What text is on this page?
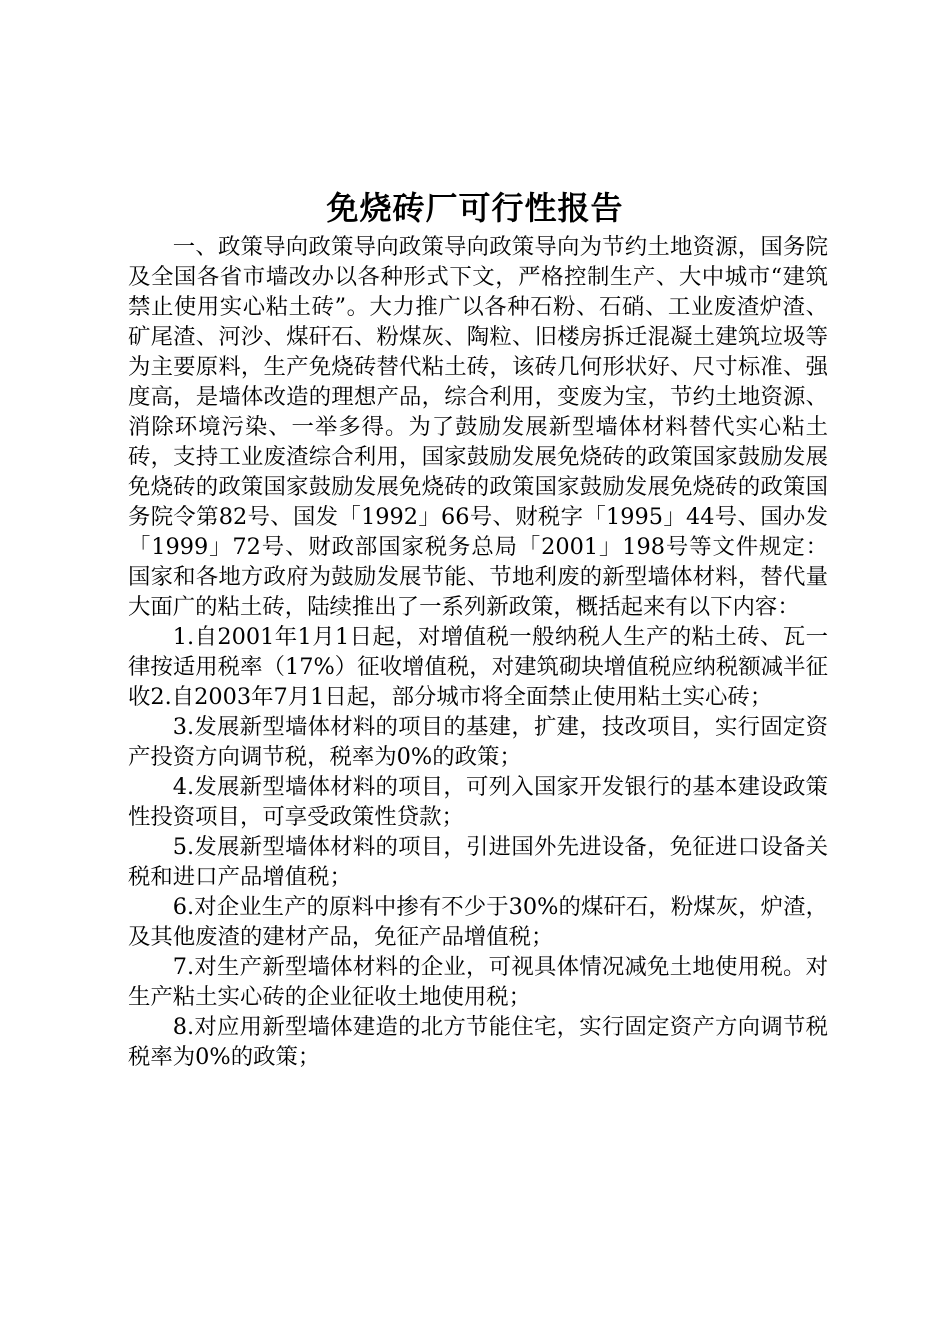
免烧砖厂可行性报告

一、政策导向政策导向政策导向政策导向为节约土地资源，国务院及全国各省市墙改办以各种形式下文，严格控制生产、大中城市“建筑禁止使用实心粘土砖”。大力推广以各种石粉、石硝、工业废渣炉渣、矿尾渣、河沙、煤矸石、粉煤灰、陶粒、旧楼房拆迁混凝土建筑垃圾等为主要原料，生产免烧砖替代粘土砖，该砖几何形状好、尺寸标准、强度高，是墙体改造的理想产品，综合利用，变废为宝，节约土地资源、消除环境污染、一举多得。为了鼓励发展新型墙体材料替代实心粘土砖，支持工业废渣综合利用，国家鼓励发展免烧砖的政策国家鼓励发展免烧砖的政策国家鼓励发展免烧砖的政策国家鼓励发展免烧砖的政策国务院令第82号、国发「1992」66号、财税字「1995」44号、国办发「1999」72号、财政部国家税务总局「2001」198号等文件规定：国家和各地方政府为鼓励发展节能、节地利废的新型墙体材料，替代量大面广的粘土砖，陆续推出了一系列新政策，概括起来有以下内容：

1.自2001年1月1日起，对增值税一般纳税人生产的粘土砖、瓦一律按适用税率（17%）征收增值税，对建筑砌块增值税应纳税额减半征收2.自2003年7月1日起，部分城市将全面禁止使用粘土实心砖；

3.发展新型墙体材料的项目的基建，扩建，技改项目，实行固定资产投资方向调节税，税率为0%的政策；

4.发展新型墙体材料的项目，可列入国家开发银行的基本建设政策性投资项目，可享受政策性贷款；

5.发展新型墙体材料的项目，引进国外先进设备，免征进口设备关税和进口产品增值税；

6.对企业生产的原料中掺有不少于30%的煤矸石，粉煤灰，炉渣，及其他废渣的建材产品，免征产品增值税；

7.对生产新型墙体材料的企业，可视具体情况减免土地使用税。对生产粘土实心砖的企业征收土地使用税；

8.对应用新型墙体建造的北方节能住宅，实行固定资产方向调节税税率为0%的政策；
